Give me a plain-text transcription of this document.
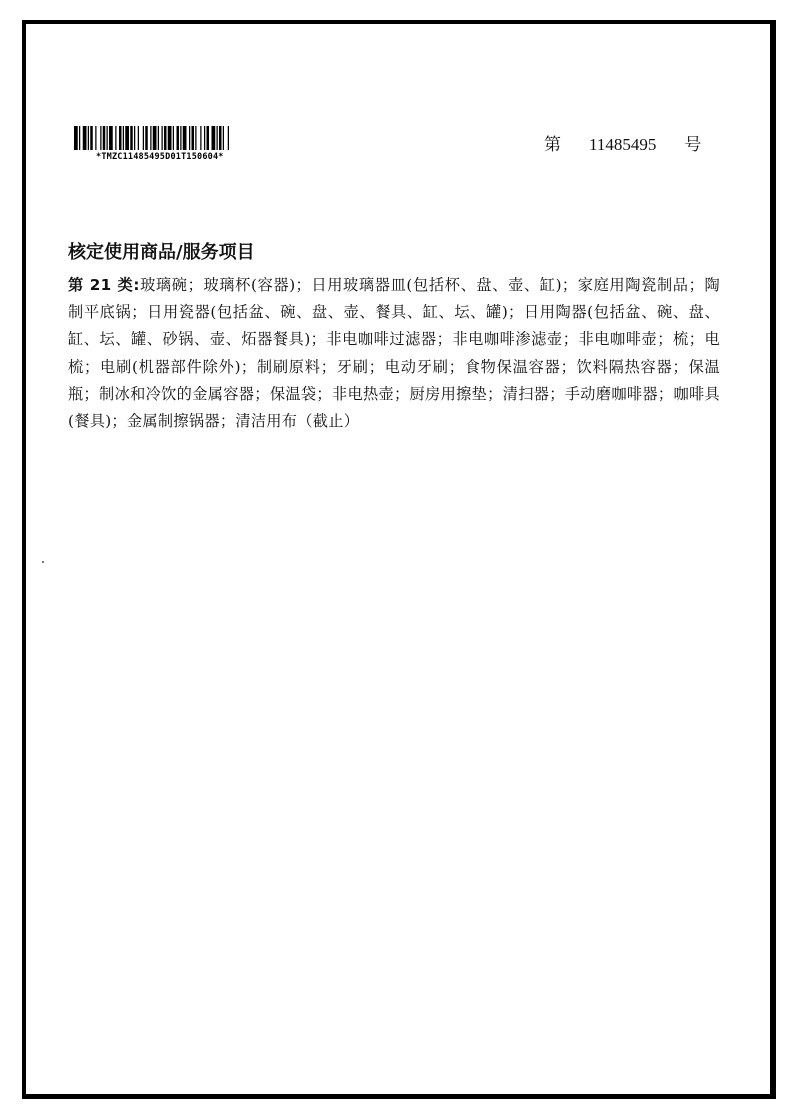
*TMZC11485495D01T150604*
第 11485495 号
核定使用商品/服务项目
第 21 类:玻璃碗；玻璃杯(容器)；日用玻璃器皿(包括杯、盘、壶、缸)；家庭用陶瓷制品；陶制平底锅；日用瓷器(包括盆、碗、盘、壶、餐具、缸、坛、罐)；日用陶器(包括盆、碗、盘、缸、坛、罐、砂锅、壶、炻器餐具)；非电咖啡过滤器；非电咖啡渗滤壶；非电咖啡壶；梳；电梳；电刷(机器部件除外)；制刷原料；牙刷；电动牙刷；食物保温容器；饮料隔热容器；保温瓶；制冰和冷饮的金属容器；保温袋；非电热壶；厨房用擦垫；清扫器；手动磨咖啡器；咖啡具(餐具)；金属制擦锅器；清洁用布（截止）
